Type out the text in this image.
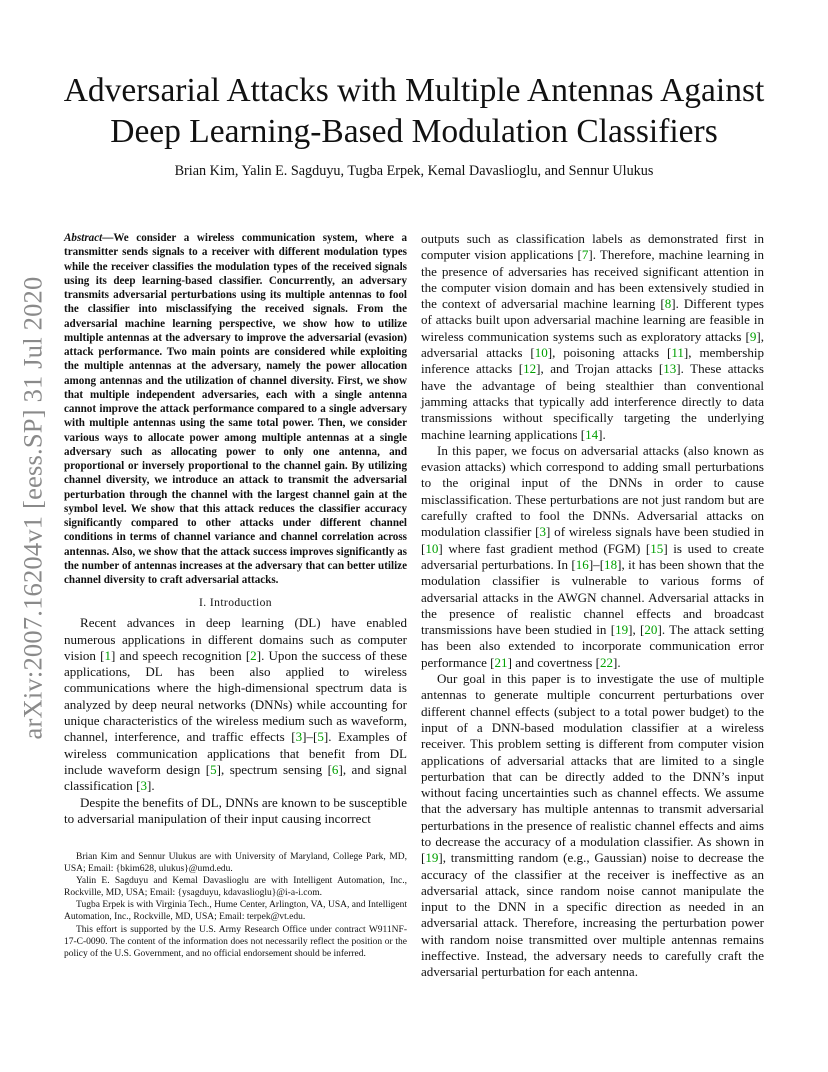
arXiv:2007.16204v1 [eess.SP] 31 Jul 2020
Adversarial Attacks with Multiple Antennas Against
Deep Learning-Based Modulation Classifiers
Brian Kim, Yalin E. Sagduyu, Tugba Erpek, Kemal Davaslioglu, and Sennur Ulukus

Abstract—We consider a wireless communication system, where a transmitter sends signals to a receiver with different modulation types while the receiver classifies the modulation types of the received signals using its deep learning-based classifier. Concurrently, an adversary transmits adversarial perturbations using its multiple antennas to fool the classifier into misclassifying the received signals. From the adversarial machine learning perspective, we show how to utilize multiple antennas at the adversary to improve the adversarial (evasion) attack performance. Two main points are considered while exploiting the multiple antennas at the adversary, namely the power allocation among antennas and the utilization of channel diversity. First, we show that multiple independent adversaries, each with a single antenna cannot improve the attack performance compared to a single adversary with multiple antennas using the same total power. Then, we consider various ways to allocate power among multiple antennas at a single adversary such as allocating power to only one antenna, and proportional or inversely proportional to the channel gain. By utilizing channel diversity, we introduce an attack to transmit the adversarial perturbation through the channel with the largest channel gain at the symbol level. We show that this attack reduces the classifier accuracy significantly compared to other attacks under different channel conditions in terms of channel variance and channel correlation across antennas. Also, we show that the attack success improves significantly as the number of antennas increases at the adversary that can better utilize channel diversity to craft adversarial attacks.

I. Introduction

Recent advances in deep learning (DL) have enabled numerous applications in different domains such as computer vision [1] and speech recognition [2]. Upon the success of these applications, DL has been also applied to wireless communications where the high-dimensional spectrum data is analyzed by deep neural networks (DNNs) while accounting for unique characteristics of the wireless medium such as waveform, channel, interference, and traffic effects [3]–[5]. Examples of wireless communication applications that benefit from DL include waveform design [5], spectrum sensing [6], and signal classification [3].

Despite the benefits of DL, DNNs are known to be susceptible to adversarial manipulation of their input causing incorrect

Brian Kim and Sennur Ulukus are with University of Maryland, College Park, MD, USA; Email: {bkim628, ulukus}@umd.edu.

Yalin E. Sagduyu and Kemal Davaslioglu are with Intelligent Automation, Inc., Rockville, MD, USA; Email: {ysagduyu, kdavaslioglu}@i-a-i.com.

Tugba Erpek is with Virginia Tech., Hume Center, Arlington, VA, USA, and Intelligent Automation, Inc., Rockville, MD, USA; Email: terpek@vt.edu.

This effort is supported by the U.S. Army Research Office under contract W911NF-17-C-0090. The content of the information does not necessarily reflect the position or the policy of the U.S. Government, and no official endorsement should be inferred.

outputs such as classification labels as demonstrated first in computer vision applications [7]. Therefore, machine learning in the presence of adversaries has received significant attention in the computer vision domain and has been extensively studied in the context of adversarial machine learning [8]. Different types of attacks built upon adversarial machine learning are feasible in wireless communication systems such as exploratory attacks [9], adversarial attacks [10], poisoning attacks [11], membership inference attacks [12], and Trojan attacks [13]. These attacks have the advantage of being stealthier than conventional jamming attacks that typically add interference directly to data transmissions without specifically targeting the underlying machine learning applications [14].

In this paper, we focus on adversarial attacks (also known as evasion attacks) which correspond to adding small perturbations to the original input of the DNNs in order to cause misclassification. These perturbations are not just random but are carefully crafted to fool the DNNs. Adversarial attacks on modulation classifier [3] of wireless signals have been studied in [10] where fast gradient method (FGM) [15] is used to create adversarial perturbations. In [16]–[18], it has been shown that the modulation classifier is vulnerable to various forms of adversarial attacks in the AWGN channel. Adversarial attacks in the presence of realistic channel effects and broadcast transmissions have been studied in [19], [20]. The attack setting has been also extended to incorporate communication error performance [21] and covertness [22].

Our goal in this paper is to investigate the use of multiple antennas to generate multiple concurrent perturbations over different channel effects (subject to a total power budget) to the input of a DNN-based modulation classifier at a wireless receiver. This problem setting is different from computer vision applications of adversarial attacks that are limited to a single perturbation that can be directly added to the DNN’s input without facing uncertainties such as channel effects. We assume that the adversary has multiple antennas to transmit adversarial perturbations in the presence of realistic channel effects and aims to decrease the accuracy of a modulation classifier. As shown in [19], transmitting random (e.g., Gaussian) noise to decrease the accuracy of the classifier at the receiver is ineffective as an adversarial attack, since random noise cannot manipulate the input to the DNN in a specific direction as needed in an adversarial attack. Therefore, increasing the perturbation power with random noise transmitted over multiple antennas remains ineffective. Instead, the adversary needs to carefully craft the adversarial perturbation for each antenna.
